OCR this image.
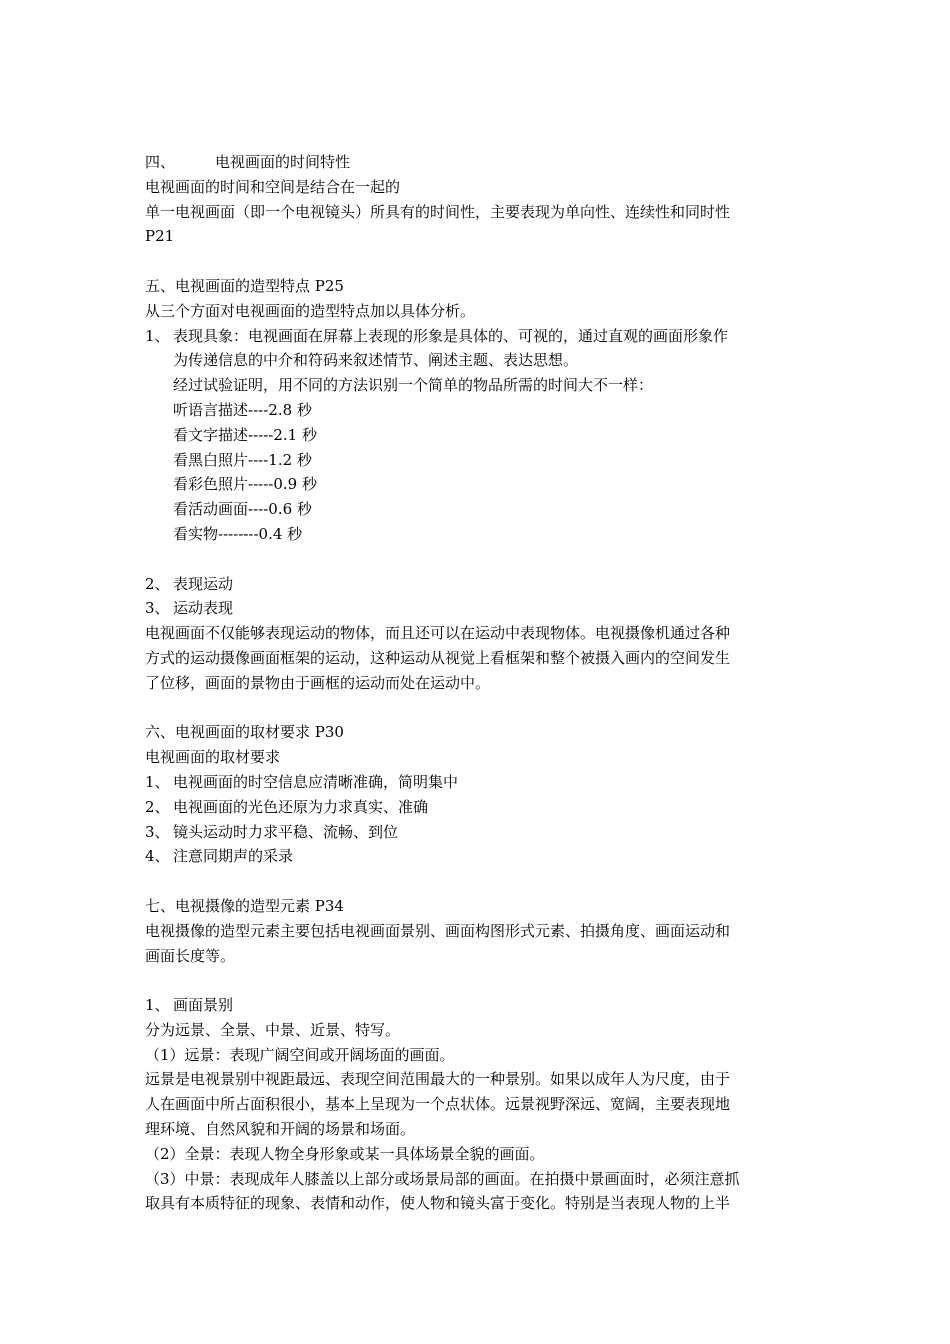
四、	电视画面的时间特性
电视画面的时间和空间是结合在一起的
单一电视画面（即一个电视镜头）所具有的时间性，主要表现为单向性、连续性和同时性
P21
五、电视画面的造型特点 P25
从三个方面对电视画面的造型特点加以具体分析。
1、 表现具象：电视画面在屏幕上表现的形象是具体的、可视的，通过直观的画面形象作
为传递信息的中介和符码来叙述情节、阐述主题、表达思想。
经过试验证明，用不同的方法识别一个简单的物品所需的时间大不一样：
听语言描述----2.8 秒
看文字描述-----2.1 秒
看黑白照片----1.2 秒
看彩色照片-----0.9 秒
看活动画面----0.6 秒
看实物--------0.4 秒
2、 表现运动
3、 运动表现
电视画面不仅能够表现运动的物体，而且还可以在运动中表现物体。电视摄像机通过各种
方式的运动摄像画面框架的运动，这种运动从视觉上看框架和整个被摄入画内的空间发生
了位移，画面的景物由于画框的运动而处在运动中。
六、电视画面的取材要求 P30
电视画面的取材要求
1、 电视画面的时空信息应清晰准确，简明集中
2、 电视画面的光色还原为力求真实、准确
3、 镜头运动时力求平稳、流畅、到位
4、 注意同期声的采录
七、电视摄像的造型元素 P34
电视摄像的造型元素主要包括电视画面景别、画面构图形式元素、拍摄角度、画面运动和
画面长度等。
1、 画面景别
分为远景、全景、中景、近景、特写。
（1）远景：表现广阔空间或开阔场面的画面。
远景是电视景别中视距最远、表现空间范围最大的一种景别。如果以成年人为尺度，由于
人在画面中所占面积很小，基本上呈现为一个点状体。远景视野深远、宽阔，主要表现地
理环境、自然风貌和开阔的场景和场面。
（2）全景：表现人物全身形象或某一具体场景全貌的画面。
（3）中景：表现成年人膝盖以上部分或场景局部的画面。在拍摄中景画面时，必须注意抓
取具有本质特征的现象、表情和动作，使人物和镜头富于变化。特别是当表现人物的上半
